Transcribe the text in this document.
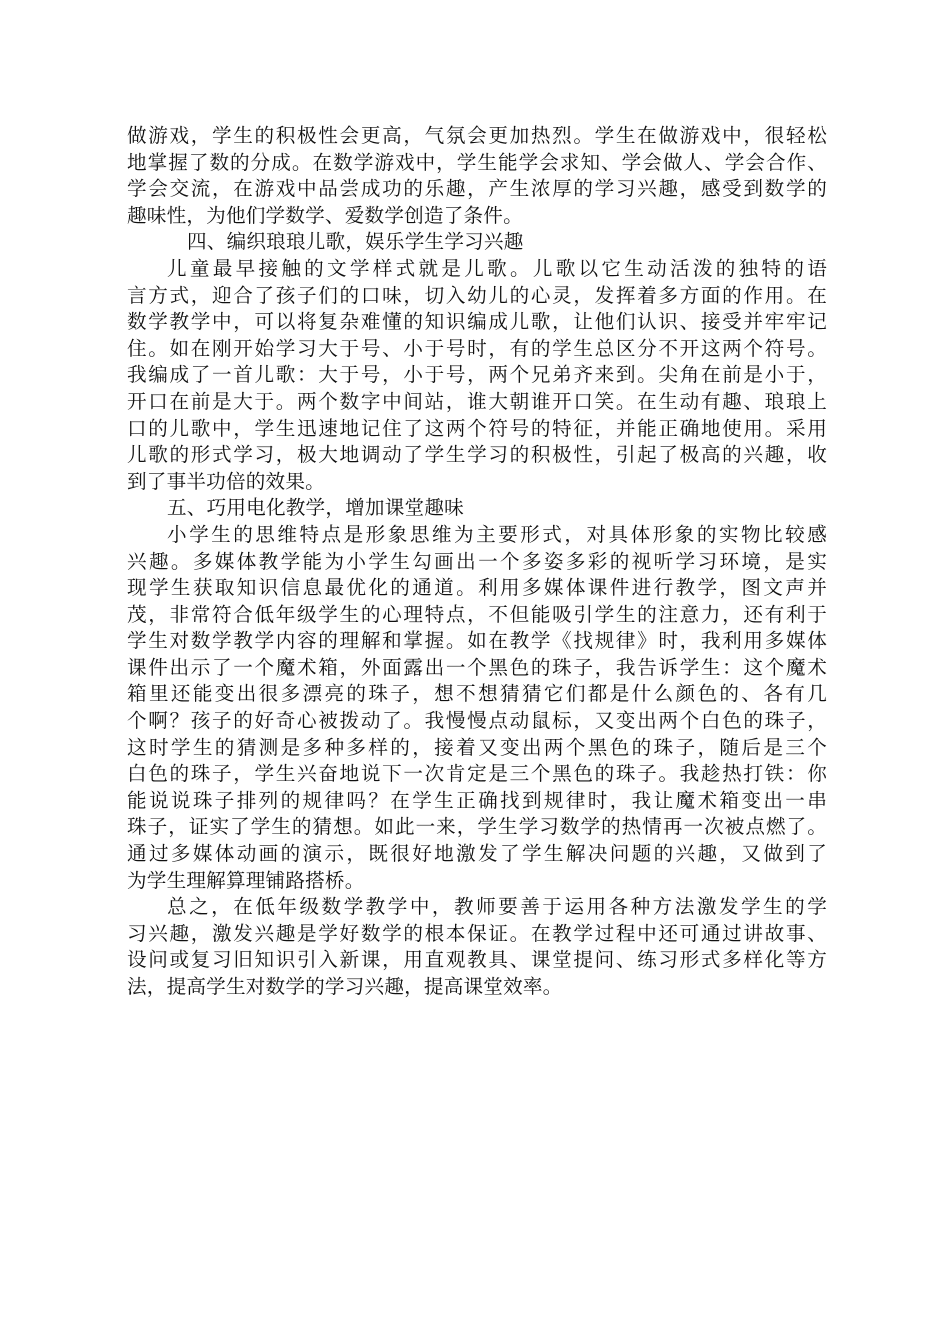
做游戏，学生的积极性会更高，气氛会更加热烈。学生在做游戏中，很轻松
地掌握了数的分成。在数学游戏中，学生能学会求知、学会做人、学会合作、
学会交流，在游戏中品尝成功的乐趣，产生浓厚的学习兴趣，感受到数学的
趣味性，为他们学数学、爱数学创造了条件。
四、编织琅琅儿歌，娱乐学生学习兴趣
儿童最早接触的文学样式就是儿歌。儿歌以它生动活泼的独特的语
言方式，迎合了孩子们的口味，切入幼儿的心灵，发挥着多方面的作用。在
数学教学中，可以将复杂难懂的知识编成儿歌，让他们认识、接受并牢牢记
住。如在刚开始学习大于号、小于号时，有的学生总区分不开这两个符号。
我编成了一首儿歌：大于号，小于号，两个兄弟齐来到。尖角在前是小于，
开口在前是大于。两个数字中间站，谁大朝谁开口笑。在生动有趣、琅琅上
口的儿歌中，学生迅速地记住了这两个符号的特征，并能正确地使用。采用
儿歌的形式学习，极大地调动了学生学习的积极性，引起了极高的兴趣，收
到了事半功倍的效果。
五、巧用电化教学，增加课堂趣味
小学生的思维特点是形象思维为主要形式，对具体形象的实物比较感
兴趣。多媒体教学能为小学生勾画出一个多姿多彩的视听学习环境，是实
现学生获取知识信息最优化的通道。利用多媒体课件进行教学，图文声并
茂，非常符合低年级学生的心理特点，不但能吸引学生的注意力，还有利于
学生对数学教学内容的理解和掌握。如在教学《找规律》时，我利用多媒体
课件出示了一个魔术箱，外面露出一个黑色的珠子，我告诉学生：这个魔术
箱里还能变出很多漂亮的珠子，想不想猜猜它们都是什么颜色的、各有几
个啊？孩子的好奇心被拨动了。我慢慢点动鼠标，又变出两个白色的珠子，
这时学生的猜测是多种多样的，接着又变出两个黑色的珠子，随后是三个
白色的珠子，学生兴奋地说下一次肯定是三个黑色的珠子。我趁热打铁：你
能说说珠子排列的规律吗？在学生正确找到规律时，我让魔术箱变出一串
珠子，证实了学生的猜想。如此一来，学生学习数学的热情再一次被点燃了。
通过多媒体动画的演示，既很好地激发了学生解决问题的兴趣，又做到了
为学生理解算理铺路搭桥。
总之，在低年级数学教学中，教师要善于运用各种方法激发学生的学
习兴趣，激发兴趣是学好数学的根本保证。在教学过程中还可通过讲故事、
设问或复习旧知识引入新课，用直观教具、课堂提问、练习形式多样化等方
法，提高学生对数学的学习兴趣，提高课堂效率。
